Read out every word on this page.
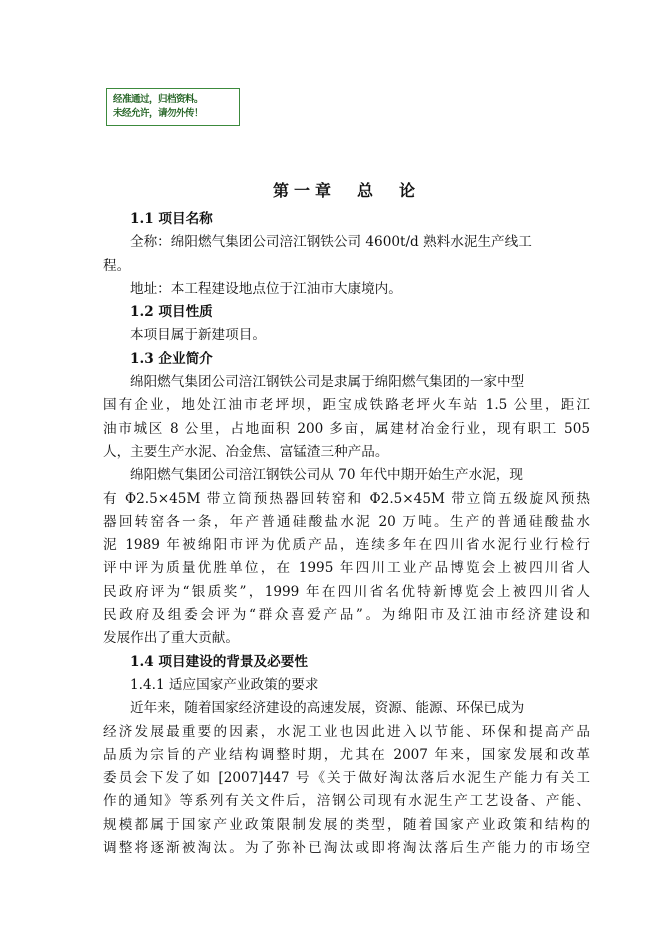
经准通过，归档资料。
未经允许，请勿外传！
第一章　总　论
1.1 项目名称
全称：绵阳燃气集团公司涪江钢铁公司 4600t/d 熟料水泥生产线工
程。
地址：本工程建设地点位于江油市大康境内。
1.2 项目性质
本项目属于新建项目。
1.3 企业简介
绵阳燃气集团公司涪江钢铁公司是隶属于绵阳燃气集团的一家中型
国有企业，地处江油市老坪坝，距宝成铁路老坪火车站 1.5 公里，距江
油市城区 8 公里，占地面积 200 多亩，属建材冶金行业，现有职工 505
人，主要生产水泥、冶金焦、富锰渣三种产品。
绵阳燃气集团公司涪江钢铁公司从 70 年代中期开始生产水泥，现
有 Φ2.5×45M 带立筒预热器回转窑和 Φ2.5×45M 带立筒五级旋风预热
器回转窑各一条，年产普通硅酸盐水泥 20 万吨。生产的普通硅酸盐水
泥 1989 年被绵阳市评为优质产品，连续多年在四川省水泥行业行检行
评中评为质量优胜单位，在 1995 年四川工业产品博览会上被四川省人
民政府评为“银质奖”，1999 年在四川省名优特新博览会上被四川省人
民政府及组委会评为“群众喜爱产品”。为绵阳市及江油市经济建设和
发展作出了重大贡献。
1.4 项目建设的背景及必要性
1.4.1 适应国家产业政策的要求
近年来，随着国家经济建设的高速发展，资源、能源、环保已成为
经济发展最重要的因素，水泥工业也因此进入以节能、环保和提高产品
品质为宗旨的产业结构调整时期，尤其在 2007 年来，国家发展和改革
委员会下发了如 [2007]447 号《关于做好淘汰落后水泥生产能力有关工
作的通知》等系列有关文件后，涪钢公司现有水泥生产工艺设备、产能、
规模都属于国家产业政策限制发展的类型，随着国家产业政策和结构的
调整将逐渐被淘汰。为了弥补已淘汰或即将淘汰落后生产能力的市场空
